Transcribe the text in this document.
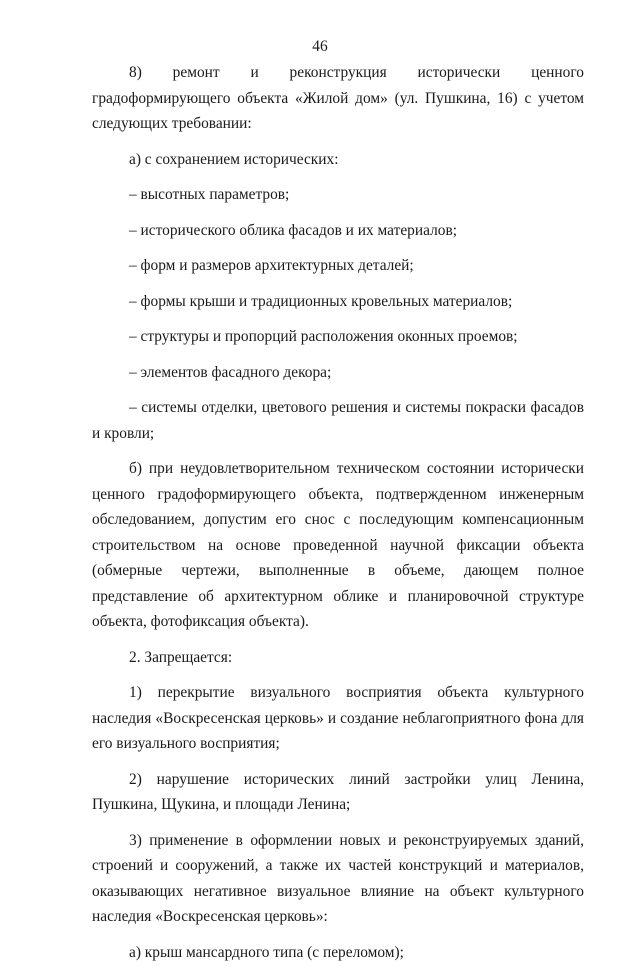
46
8) ремонт и реконструкция исторически ценного
градоформирующего объекта «Жилой дом» (ул. Пушкина, 16) с учетом следующих требовании:

а) с сохранением исторических:

– высотных параметров;

– исторического облика фасадов и их материалов;

– форм и размеров архитектурных деталей;

– формы крыши и традиционных кровельных материалов;

– структуры и пропорций расположения оконных проемов;

– элементов фасадного декора;

– системы отделки, цветового решения и системы покраски фасадов и кровли;

б) при неудовлетворительном техническом состоянии исторически ценного градоформирующего объекта, подтвержденном инженерным обследованием, допустим его снос с последующим компенсационным строительством на основе проведенной научной фиксации объекта (обмерные чертежи, выполненные в объеме, дающем полное представление об архитектурном облике и планировочной структуре объекта, фотофиксация объекта).

2. Запрещается:

1) перекрытие визуального восприятия объекта культурного наследия «Воскресенская церковь» и создание неблагоприятного фона для его визуального восприятия;

2) нарушение исторических линий застройки улиц Ленина, Пушкина, Щукина, и площади Ленина;

3) применение в оформлении новых и реконструируемых зданий, строений и сооружений, а также их частей конструкций и материалов, оказывающих негативное визуальное влияние на объект культурного наследия «Воскресенская церковь»:

а) крыш мансардного типа (с переломом);
